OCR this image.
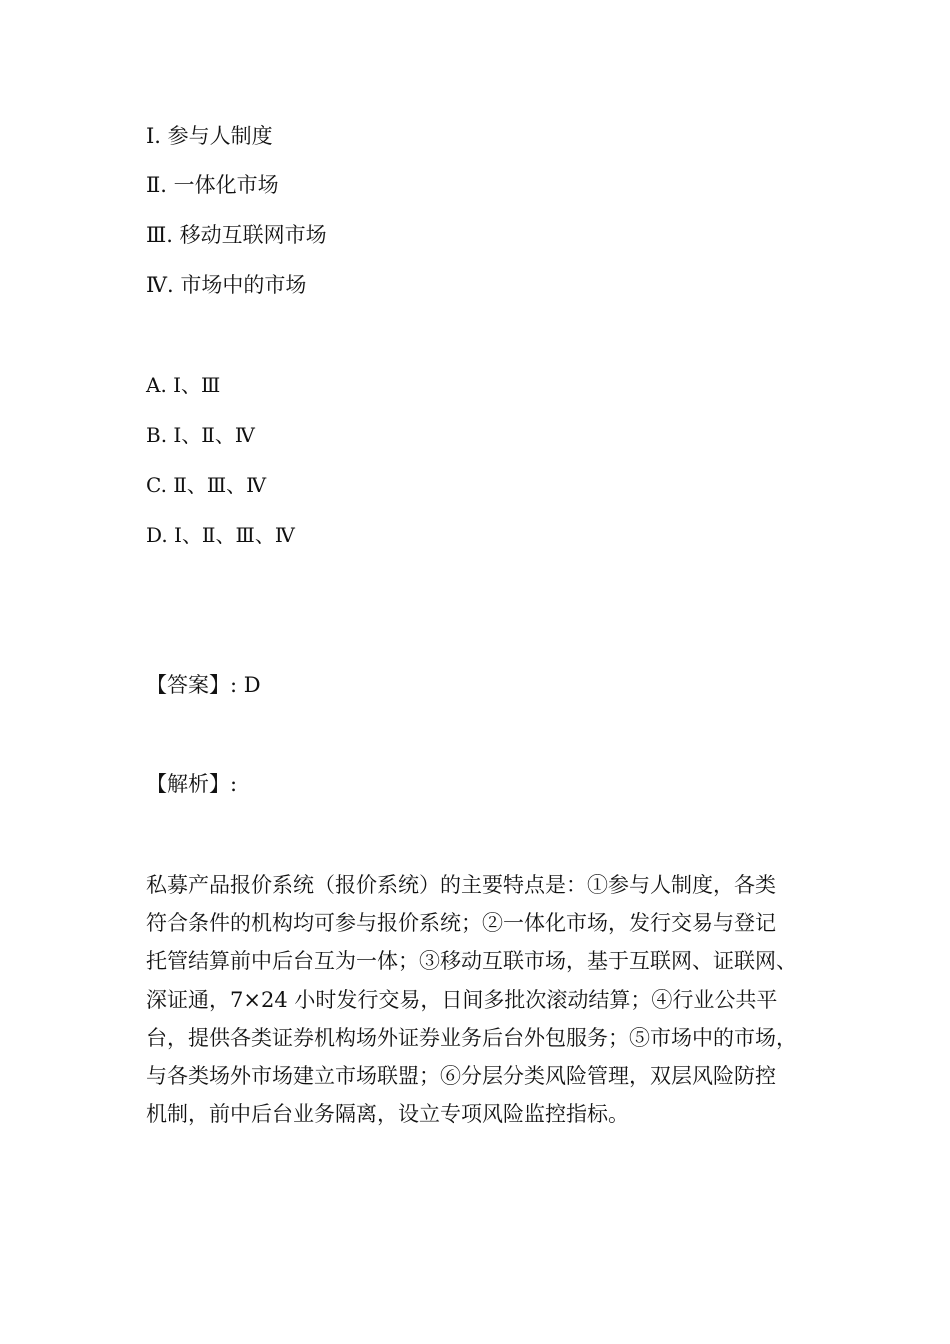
Ⅰ. 参与人制度
Ⅱ. 一体化市场
Ⅲ. 移动互联网市场
Ⅳ. 市场中的市场
A. Ⅰ、Ⅲ
B. Ⅰ、Ⅱ、Ⅳ
C. Ⅱ、Ⅲ、Ⅳ
D. Ⅰ、Ⅱ、Ⅲ、Ⅳ
【答案】: D
【解析】:
私募产品报价系统（报价系统）的主要特点是：①参与人制度，各类
符合条件的机构均可参与报价系统；②一体化市场，发行交易与登记
托管结算前中后台互为一体；③移动互联市场，基于互联网、证联网、
深证通，7×24 小时发行交易，日间多批次滚动结算；④行业公共平
台，提供各类证券机构场外证券业务后台外包服务；⑤市场中的市场，
与各类场外市场建立市场联盟；⑥分层分类风险管理，双层风险防控
机制，前中后台业务隔离，设立专项风险监控指标。
